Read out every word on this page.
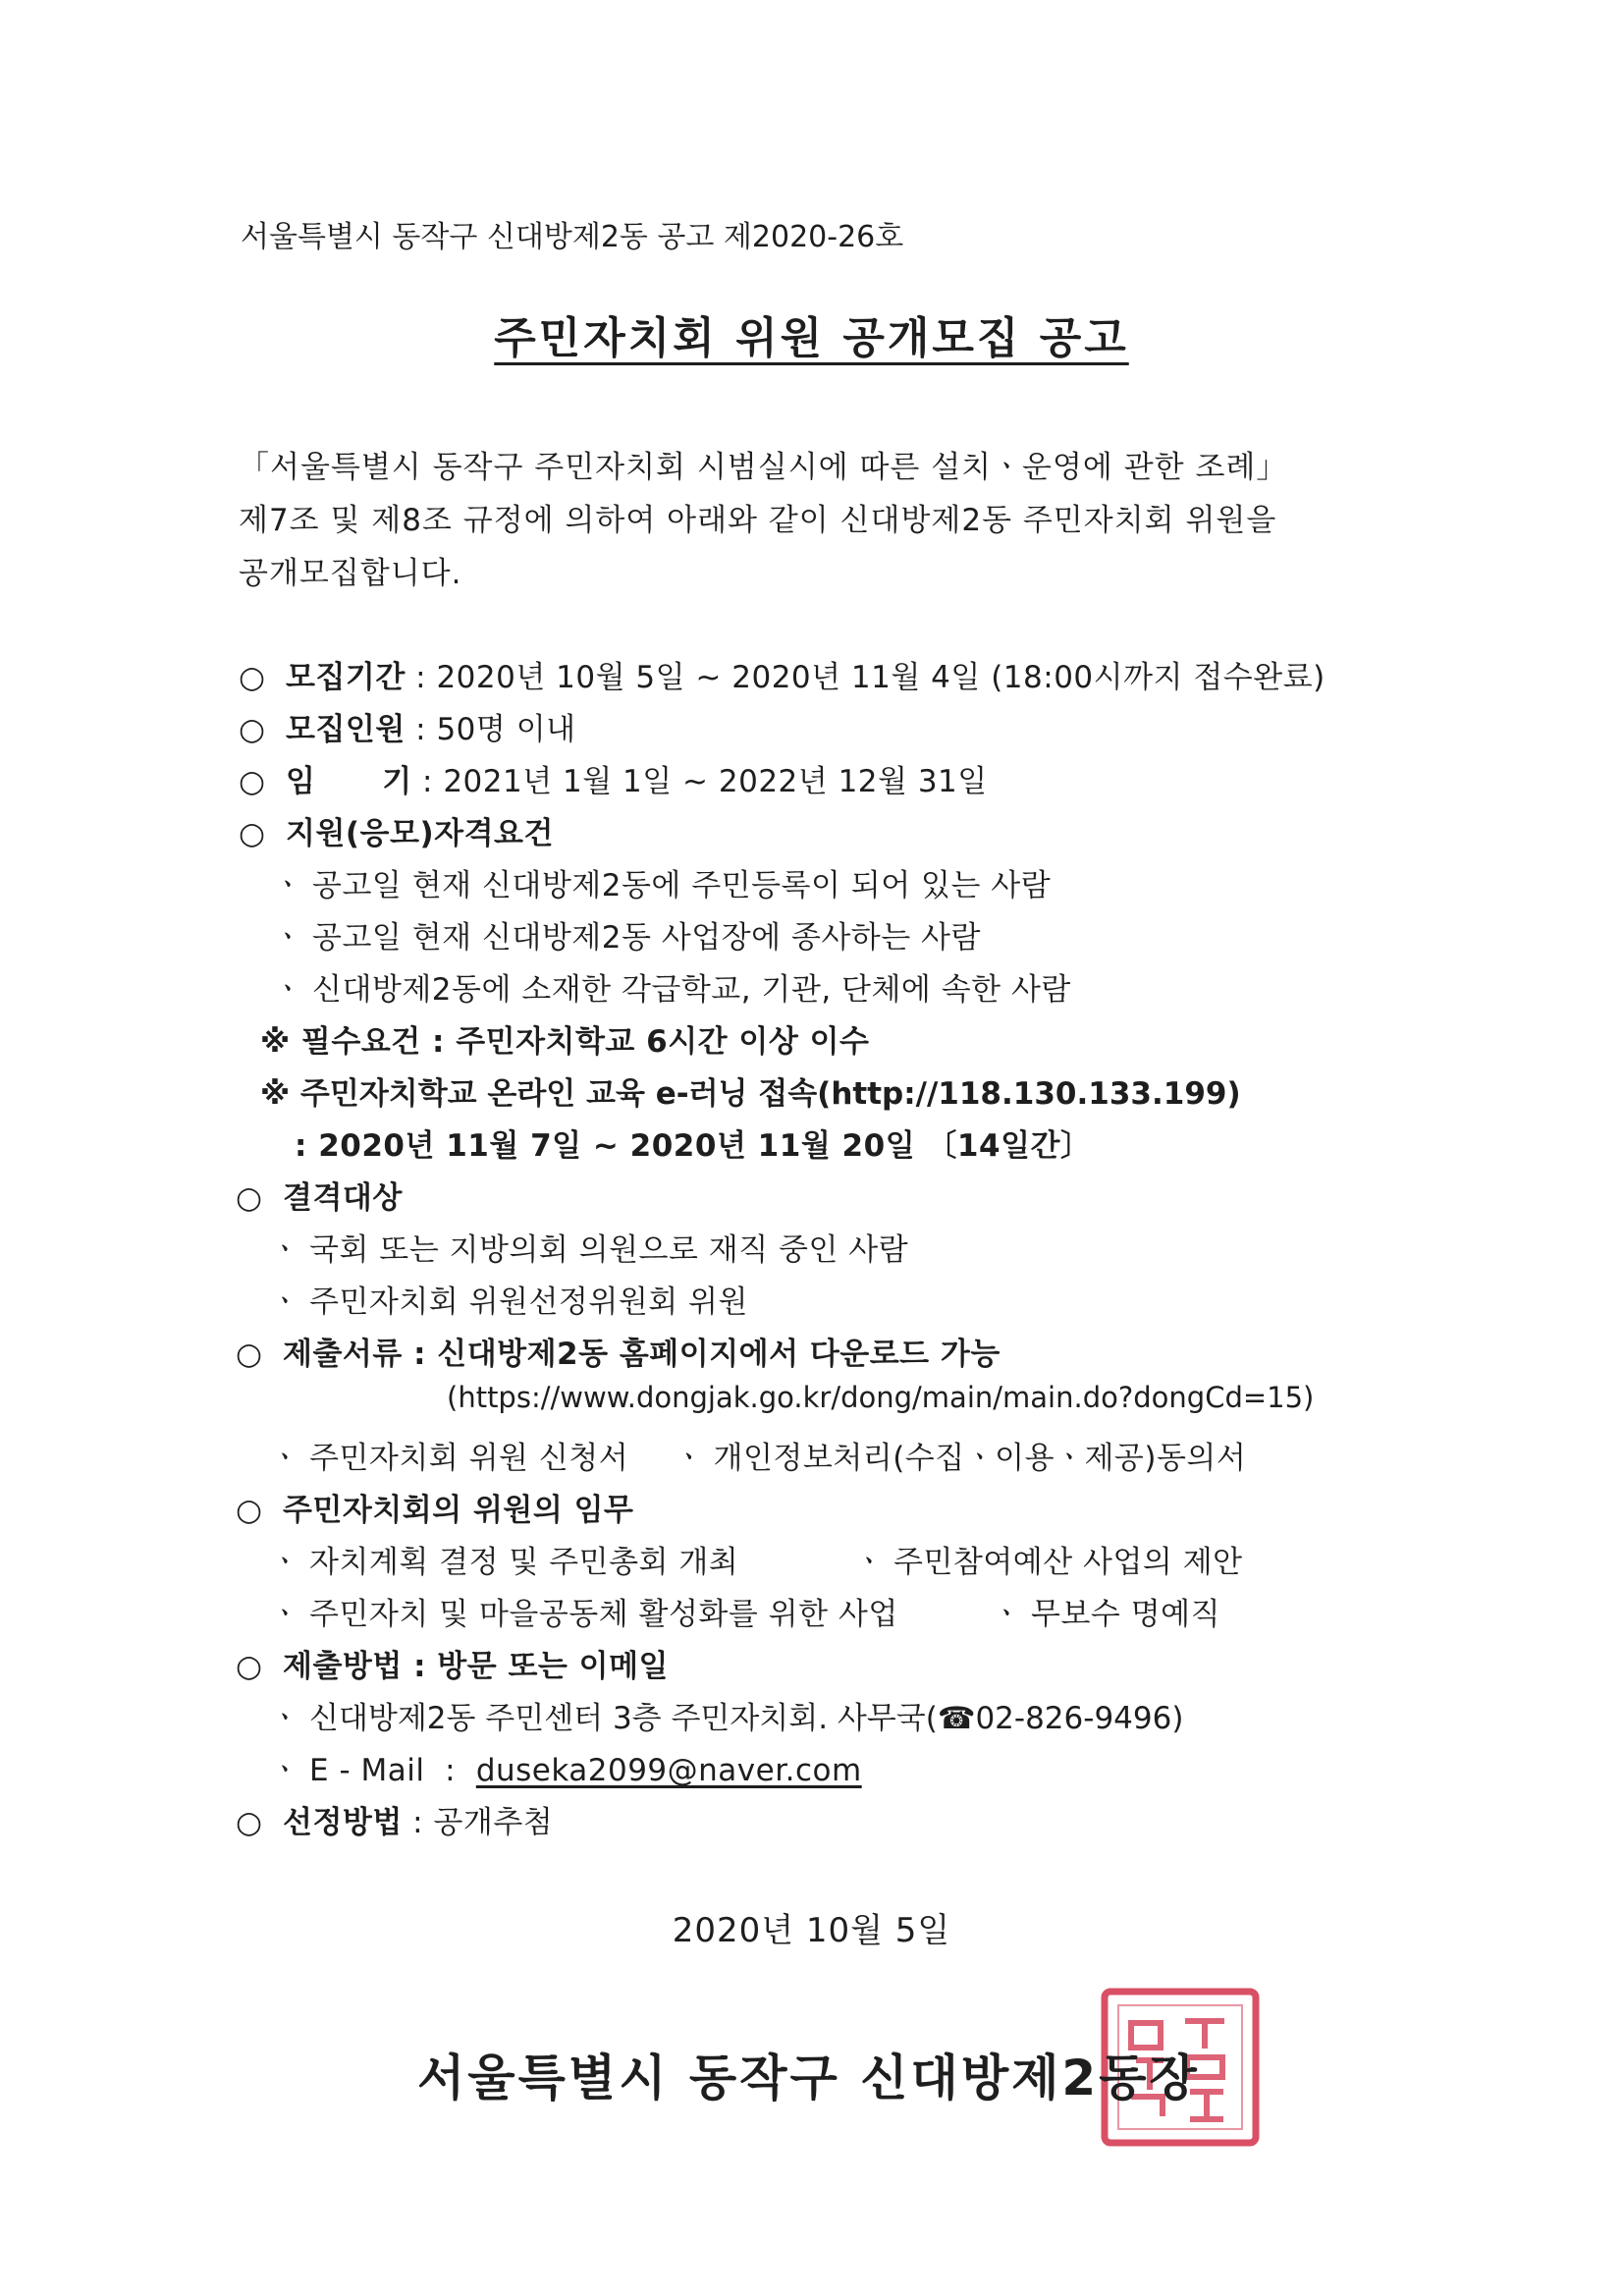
서울특별시 동작구 신대방제2동 공고 제2020-26호
주민자치회 위원 공개모집 공고
「서울특별시 동작구 주민자치회 시범실시에 따른 설치ㆍ운영에 관한 조례」
제7조 및 제8조 규정에 의하여 아래와 같이 신대방제2동 주민자치회 위원을
공개모집합니다.
○ 모집기간 : 2020년 10월 5일 ~ 2020년 11월 4일 (18:00시까지 접수완료)
○ 모집인원 : 50명 이내
○ 임      기 : 2021년 1월 1일 ~ 2022년 12월 31일
○ 지원(응모)자격요건
ㆍ 공고일 현재 신대방제2동에 주민등록이 되어 있는 사람
ㆍ 공고일 현재 신대방제2동 사업장에 종사하는 사람
ㆍ 신대방제2동에 소재한 각급학교, 기관, 단체에 속한 사람
※ 필수요건 : 주민자치학교 6시간 이상 이수
※ 주민자치학교 온라인 교육 e-러닝 접속(http://118.130.133.199)
: 2020년 11월 7일 ~ 2020년 11월 20일 〔14일간〕
○ 결격대상
ㆍ 국회 또는 지방의회 의원으로 재직 중인 사람
ㆍ 주민자치회 위원선정위원회 위원
○ 제출서류 : 신대방제2동 홈페이지에서 다운로드 가능
(https://www.dongjak.go.kr/dong/main/main.do?dongCd=15)
ㆍ 주민자치회 위원 신청서 ㆍ 개인정보처리(수집ㆍ이용ㆍ제공)동의서
○ 주민자치회의 위원의 임무
ㆍ 자치계획 결정 및 주민총회 개최	ㆍ 주민참여예산 사업의 제안
ㆍ 주민자치 및 마을공동체 활성화를 위한 사업	ㆍ 무보수 명예직
○ 제출방법 : 방문 또는 이메일
ㆍ 신대방제2동 주민센터 3층 주민자치회. 사무국(☎02-826-9496)
ㆍ E - Mail  :  duseka2099@naver.com
○ 선정방법 : 공개추첨
2020년 10월 5일
서울특별시 동작구 신대방제2동장
